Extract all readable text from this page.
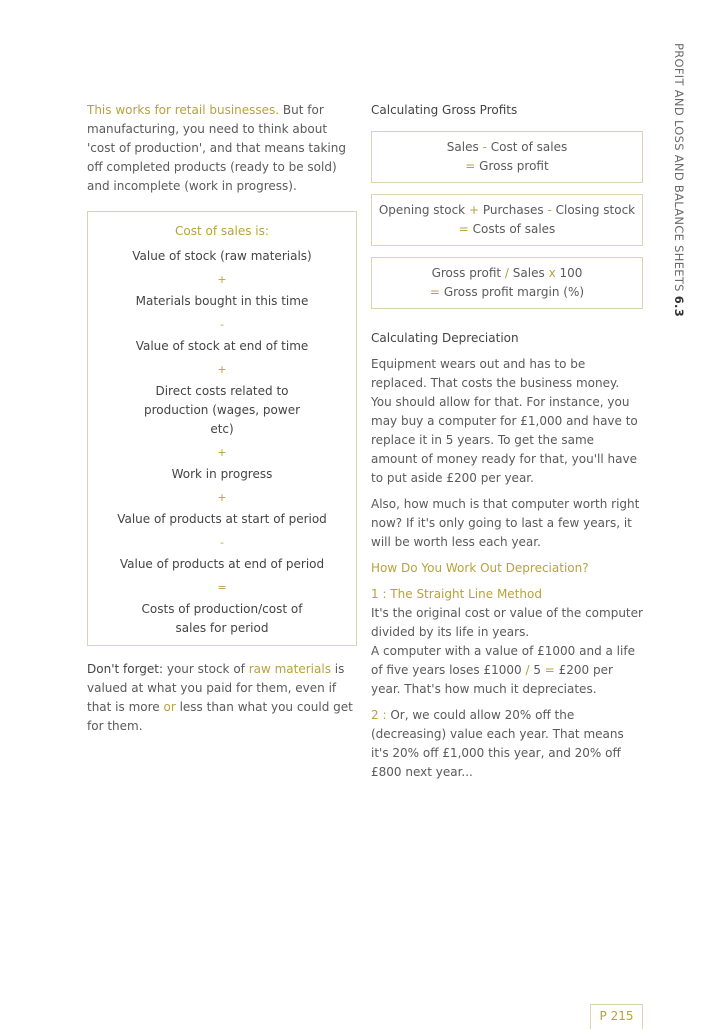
PROFIT AND LOSS AND BALANCE SHEETS 6.3

This works for retail businesses. But for manufacturing, you need to think about 'cost of production', and that means taking off completed products (ready to be sold) and incomplete (work in progress).

Cost of sales is:
Value of stock (raw materials)
+
Materials bought in this time
-
Value of stock at end of time
+
Direct costs related to production (wages, power etc)
+
Work in progress
+
Value of products at start of period
-
Value of products at end of period
=
Costs of production/cost of sales for period

Don't forget: your stock of raw materials is valued at what you paid for them, even if that is more or less than what you could get for them.

Calculating Gross Profits

Sales - Cost of sales
= Gross profit
Opening stock + Purchases - Closing stock
= Costs of sales
Gross profit / Sales x 100
= Gross profit margin (%)

Calculating Depreciation

Equipment wears out and has to be replaced. That costs the business money. You should allow for that. For instance, you may buy a computer for £1,000 and have to replace it in 5 years. To get the same amount of money ready for that, you'll have to put aside £200 per year.

Also, how much is that computer worth right now? If it's only going to last a few years, it will be worth less each year.

How Do You Work Out Depreciation?

1 : The Straight Line Method
It's the original cost or value of the computer divided by its life in years.
A computer with a value of £1000 and a life of five years loses £1000 / 5 = £200 per year. That's how much it depreciates.

2 : Or, we could allow 20% off the (decreasing) value each year. That means it's 20% off £1,000 this year, and 20% off £800 next year...

P 215
